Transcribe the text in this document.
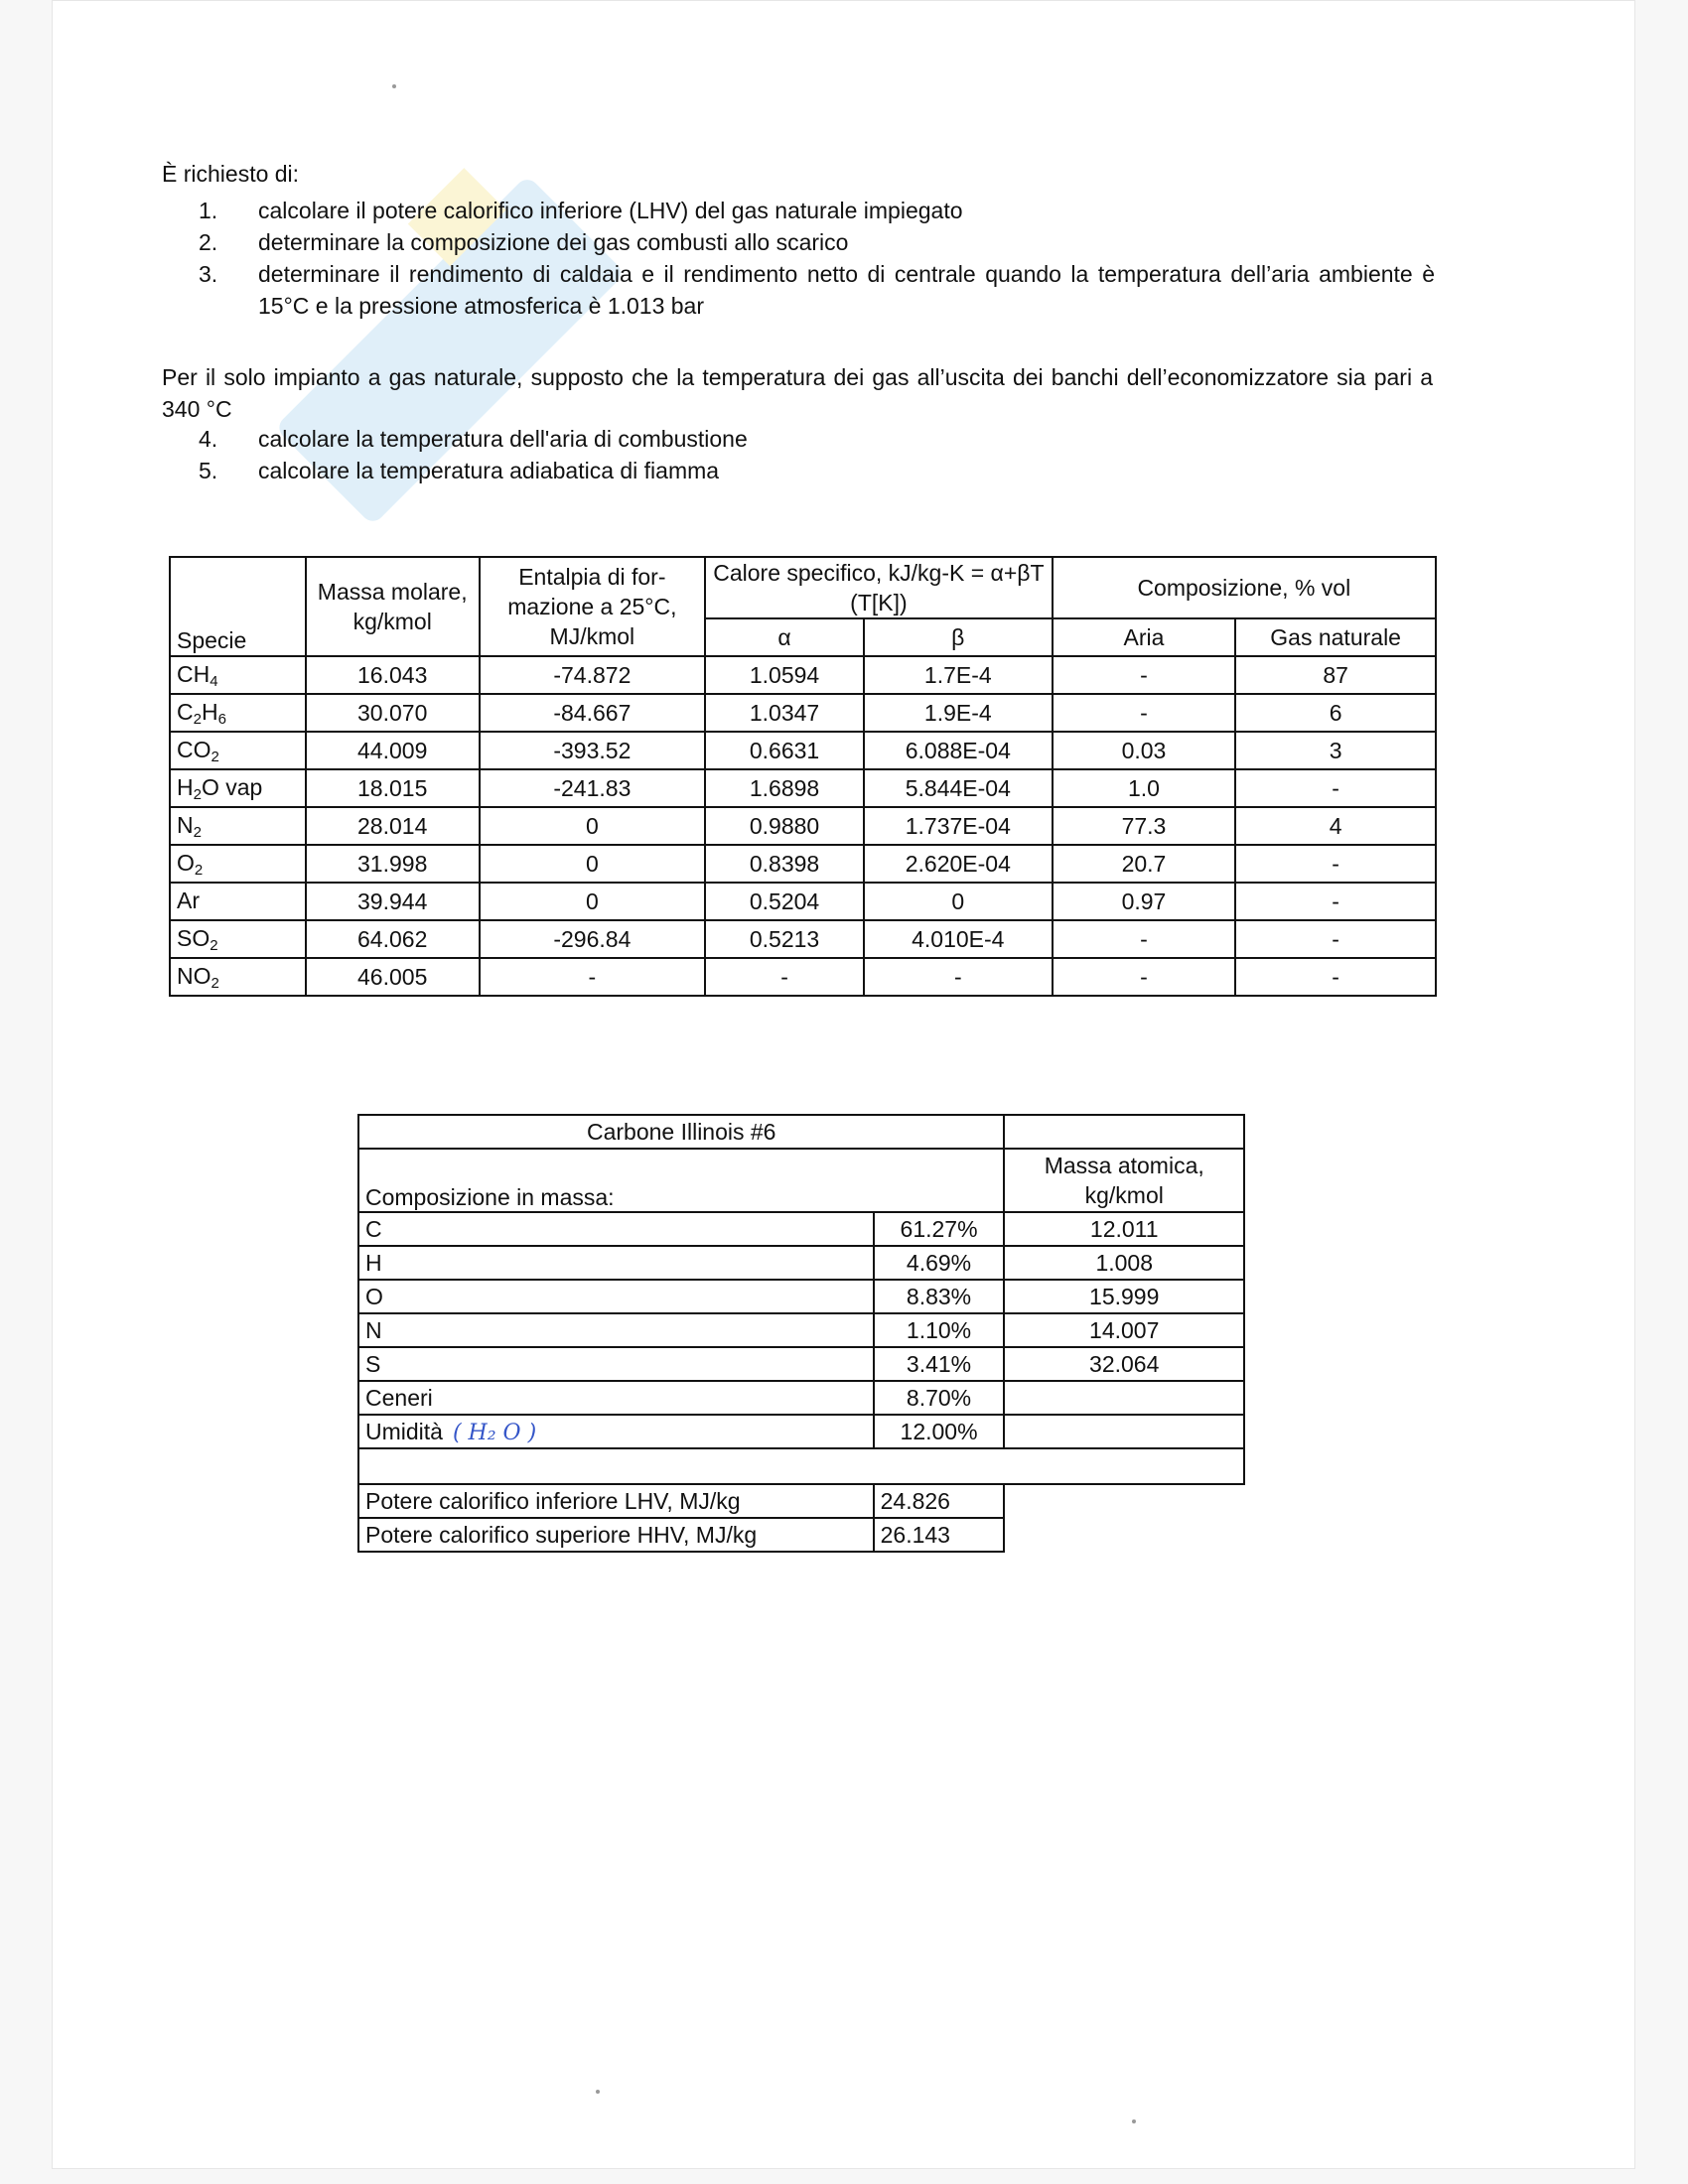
È richiesto di:
1.	calcolare il potere calorifico inferiore (LHV) del gas naturale impiegato
2.	determinare la composizione dei gas combusti allo scarico
3.	determinare il rendimento di caldaia e il rendimento netto di centrale quando la temperatura dell’aria ambiente è 15°C e la pressione atmosferica è 1.013 bar
Per il solo impianto a gas naturale, supposto che la temperatura dei gas all’uscita dei banchi dell’economizzatore sia pari a 340 °C
4.	calcolare la temperatura dell'aria di combustione
5.	calcolare la temperatura adiabatica di fiamma
Specie	Massa molare, kg/kmol	Entalpia di for-mazione a 25°C, MJ/kmol	Calore specifico, kJ/kg-K = α+βT (T[K])		Composizione, % vol	
			α	β	Aria	Gas naturale
$CH_4$	16.043	-74.872	1.0594	1.7E-4	-	87
$C_2H_6$	30.070	-84.667	1.0347	1.9E-4	-	6
$CO_2$	44.009	-393.52	0.6631	6.088E-04	0.03	3
$H_2O$ vap	18.015	-241.83	1.6898	5.844E-04	1.0	-
$N_2$	28.014	0	0.9880	1.737E-04	77.3	4
$O_2$	31.998	0	0.8398	2.620E-04	20.7	-
Ar	39.944	0	0.5204	0	0.97	-
$SO_2$	64.062	-296.84	0.5213	4.010E-4	-	-
$NO_2$	46.005	-	-	-	-	-
Carbone Illinois #6		
Composizione in massa:		Massa atomica, kg/kmol
C	61.27%	12.011
H	4.69%	1.008
O	8.83%	15.999
N	1.10%	14.007
S	3.41%	32.064
Ceneri	8.70%	
Umidità ( H₂ O )	12.00%	

Potere calorifico inferiore LHV, MJ/kg	24.826	
Potere calorifico superiore HHV, MJ/kg	26.143	
